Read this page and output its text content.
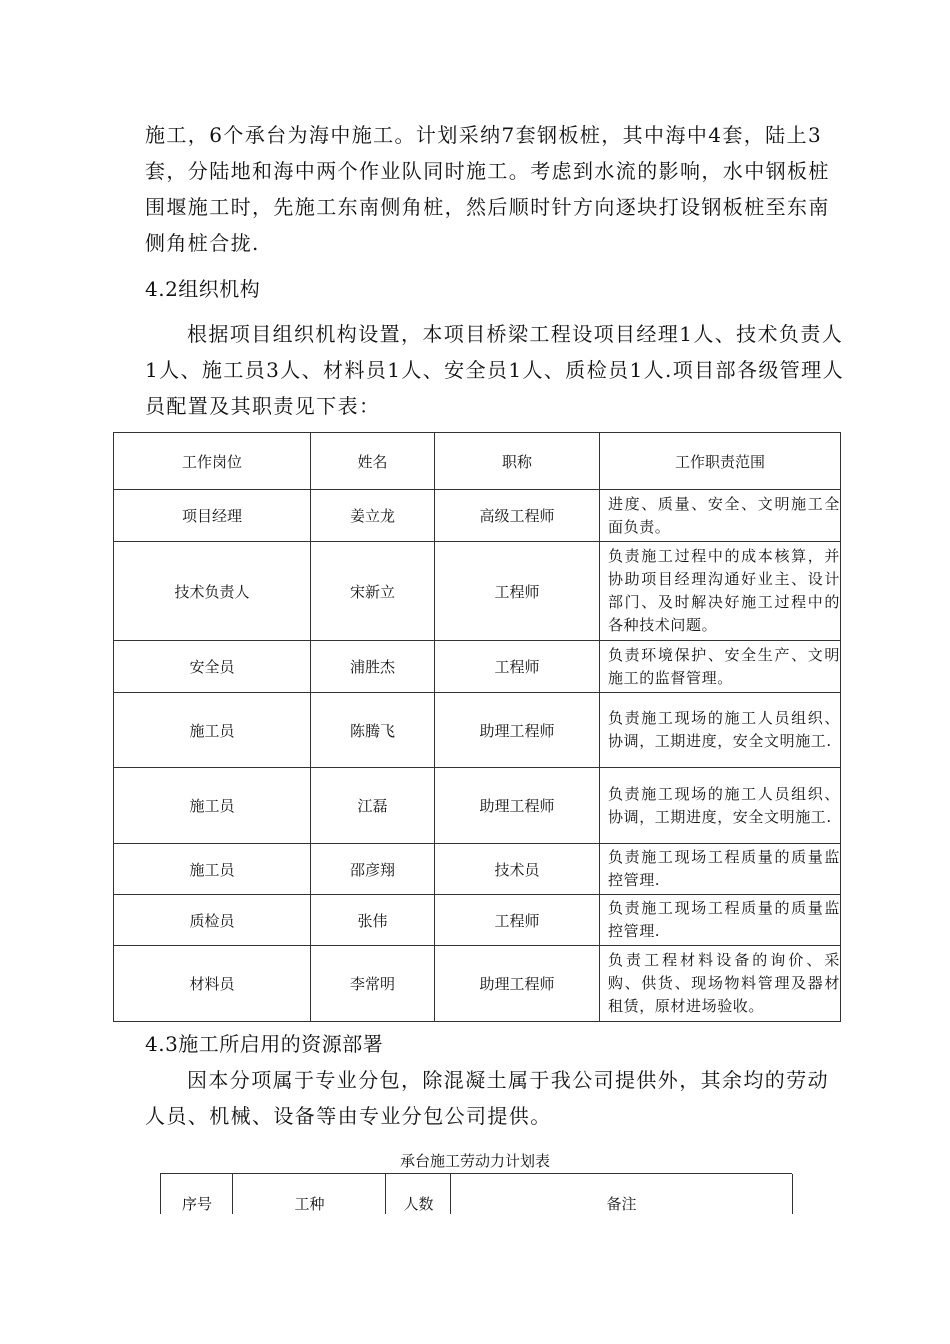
施工，6个承台为海中施工。计划采纳7套钢板桩，其中海中4套，陆上3套，分陆地和海中两个作业队同时施工。考虑到水流的影响，水中钢板桩围堰施工时，先施工东南侧角桩，然后顺时针方向逐块打设钢板桩至东南侧角桩合拢.
4.2组织机构
根据项目组织机构设置，本项目桥梁工程设项目经理1人、技术负责人1人、施工员3人、材料员1人、安全员1人、质检员1人.项目部各级管理人员配置及其职责见下表：
工作岗位	姓名	职称	工作职责范围
项目经理	姜立龙	高级工程师	进度、质量、安全、文明施工全面负责。
技术负责人	宋新立	工程师	负责施工过程中的成本核算，并协助项目经理沟通好业主、设计部门、及时解决好施工过程中的各种技术问题。
安全员	浦胜杰	工程师	负责环境保护、安全生产、文明施工的监督管理。
施工员	陈腾飞	助理工程师	负责施工现场的施工人员组织、协调，工期进度，安全文明施工.
施工员	江磊	助理工程师	负责施工现场的施工人员组织、协调，工期进度，安全文明施工.
施工员	邵彦翔	技术员	负责施工现场工程质量的质量监控管理.
质检员	张伟	工程师	负责施工现场工程质量的质量监控管理.
材料员	李常明	助理工程师	负责工程材料设备的询价、采购、供货、现场物料管理及器材租赁，原材进场验收。
4.3施工所启用的资源部署
因本分项属于专业分包，除混凝土属于我公司提供外，其余均的劳动人员、机械、设备等由专业分包公司提供。
承台施工劳动力计划表
序号	工种	人数	备注
